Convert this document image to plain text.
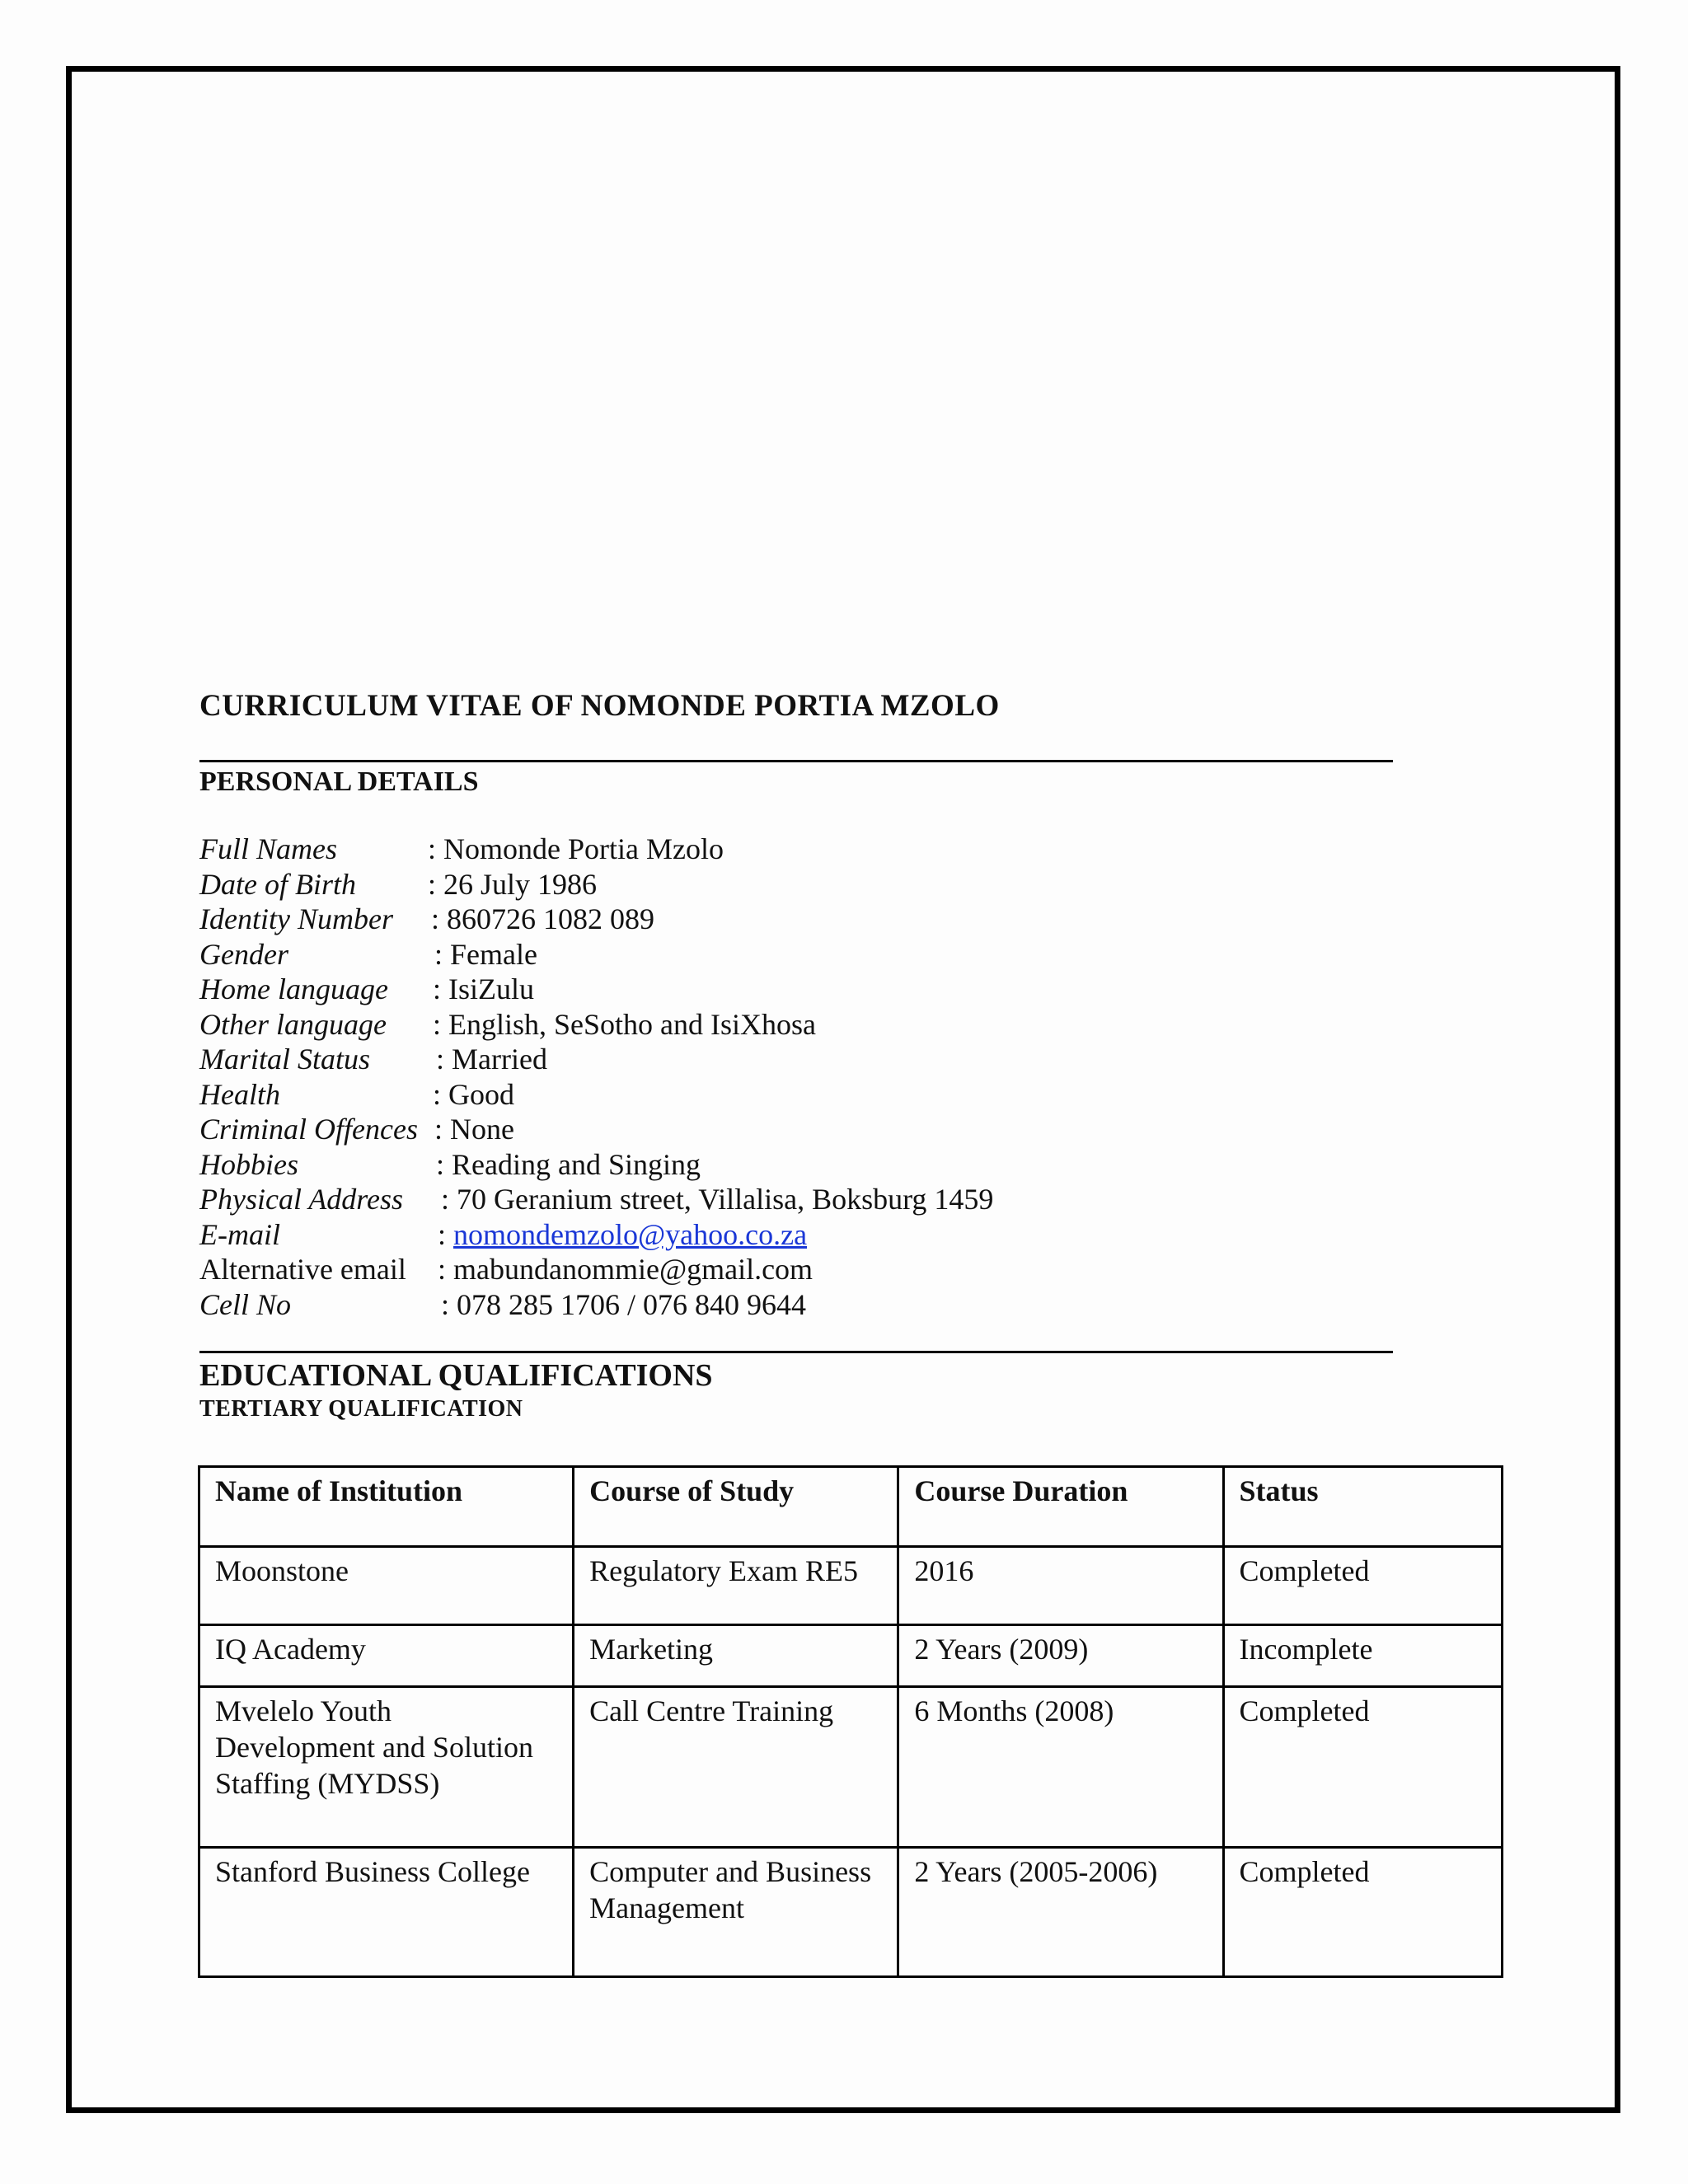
CURRICULUM VITAE OF NOMONDE PORTIA MZOLO
PERSONAL DETAILS
Full Names	: Nomonde Portia Mzolo
Date of Birth : 26 July 1986
Identity Number : 860726 1082 089
Gender	: Female
Home language : IsiZulu
Other language : English, SeSotho and IsiXhosa
Marital Status : Married
Health	: Good
Criminal Offences : None
Hobbies	: Reading and Singing
Physical Address : 70 Geranium street, Villalisa, Boksburg 1459
E-mail	: nomondemzolo@yahoo.co.za
Alternative email : mabundanommie@gmail.com
Cell No	: 078 285 1706 / 076 840 9644
EDUCATIONAL QUALIFICATIONS
TERTIARY QUALIFICATION
Name of Institution	Course of Study	Course Duration	Status
Moonstone	Regulatory Exam RE5	2016	Completed
IQ Academy	Marketing	2 Years (2009)	Incomplete
Mvelelo Youth Development and Solution Staffing (MYDSS)	Call Centre Training	6 Months (2008)	Completed
Stanford Business College	Computer and Business Management	2 Years (2005-2006)	Completed
